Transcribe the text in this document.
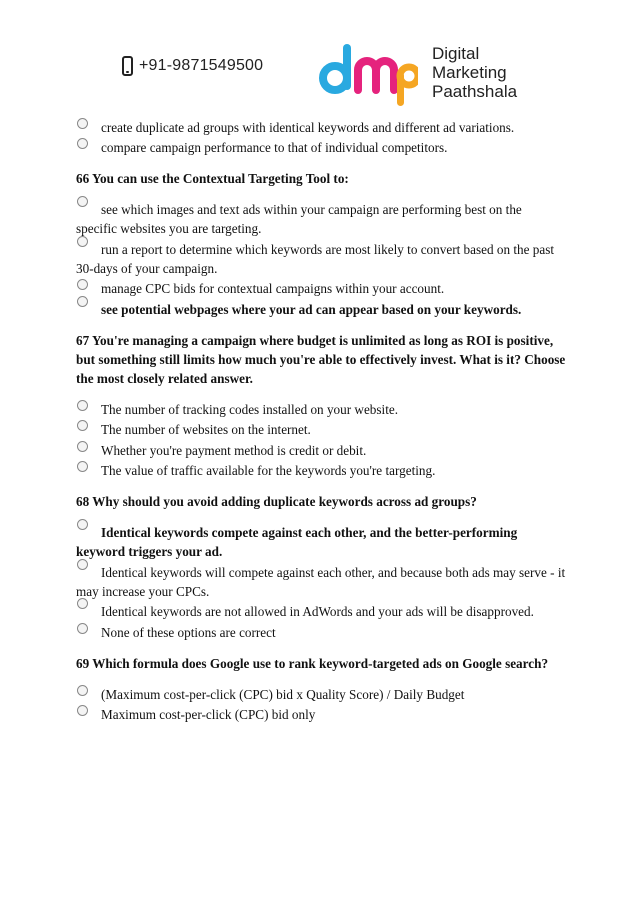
+91-9871549500
Digital
Marketing
Paathshala
create duplicate ad groups with identical keywords and different ad variations.
compare campaign performance to that of individual competitors.
66 You can use the Contextual Targeting Tool to:
see which images and text ads within your campaign are performing best on the specific websites you are targeting.
run a report to determine which keywords are most likely to convert based on the past 30-days of your campaign.
manage CPC bids for contextual campaigns within your account.
see potential webpages where your ad can appear based on your keywords.
67 You're managing a campaign where budget is unlimited as long as ROI is positive, but something still limits how much you're able to effectively invest. What is it? Choose the most closely related answer.
The number of tracking codes installed on your website.
The number of websites on the internet.
Whether you're payment method is credit or debit.
The value of traffic available for the keywords you're targeting.
68 Why should you avoid adding duplicate keywords across ad groups?
Identical keywords compete against each other, and the better-performing keyword triggers your ad.
Identical keywords will compete against each other, and because both ads may serve - it may increase your CPCs.
Identical keywords are not allowed in AdWords and your ads will be disapproved.
None of these options are correct
69 Which formula does Google use to rank keyword-targeted ads on Google search?
(Maximum cost-per-click (CPC) bid x Quality Score) / Daily Budget
Maximum cost-per-click (CPC) bid only
